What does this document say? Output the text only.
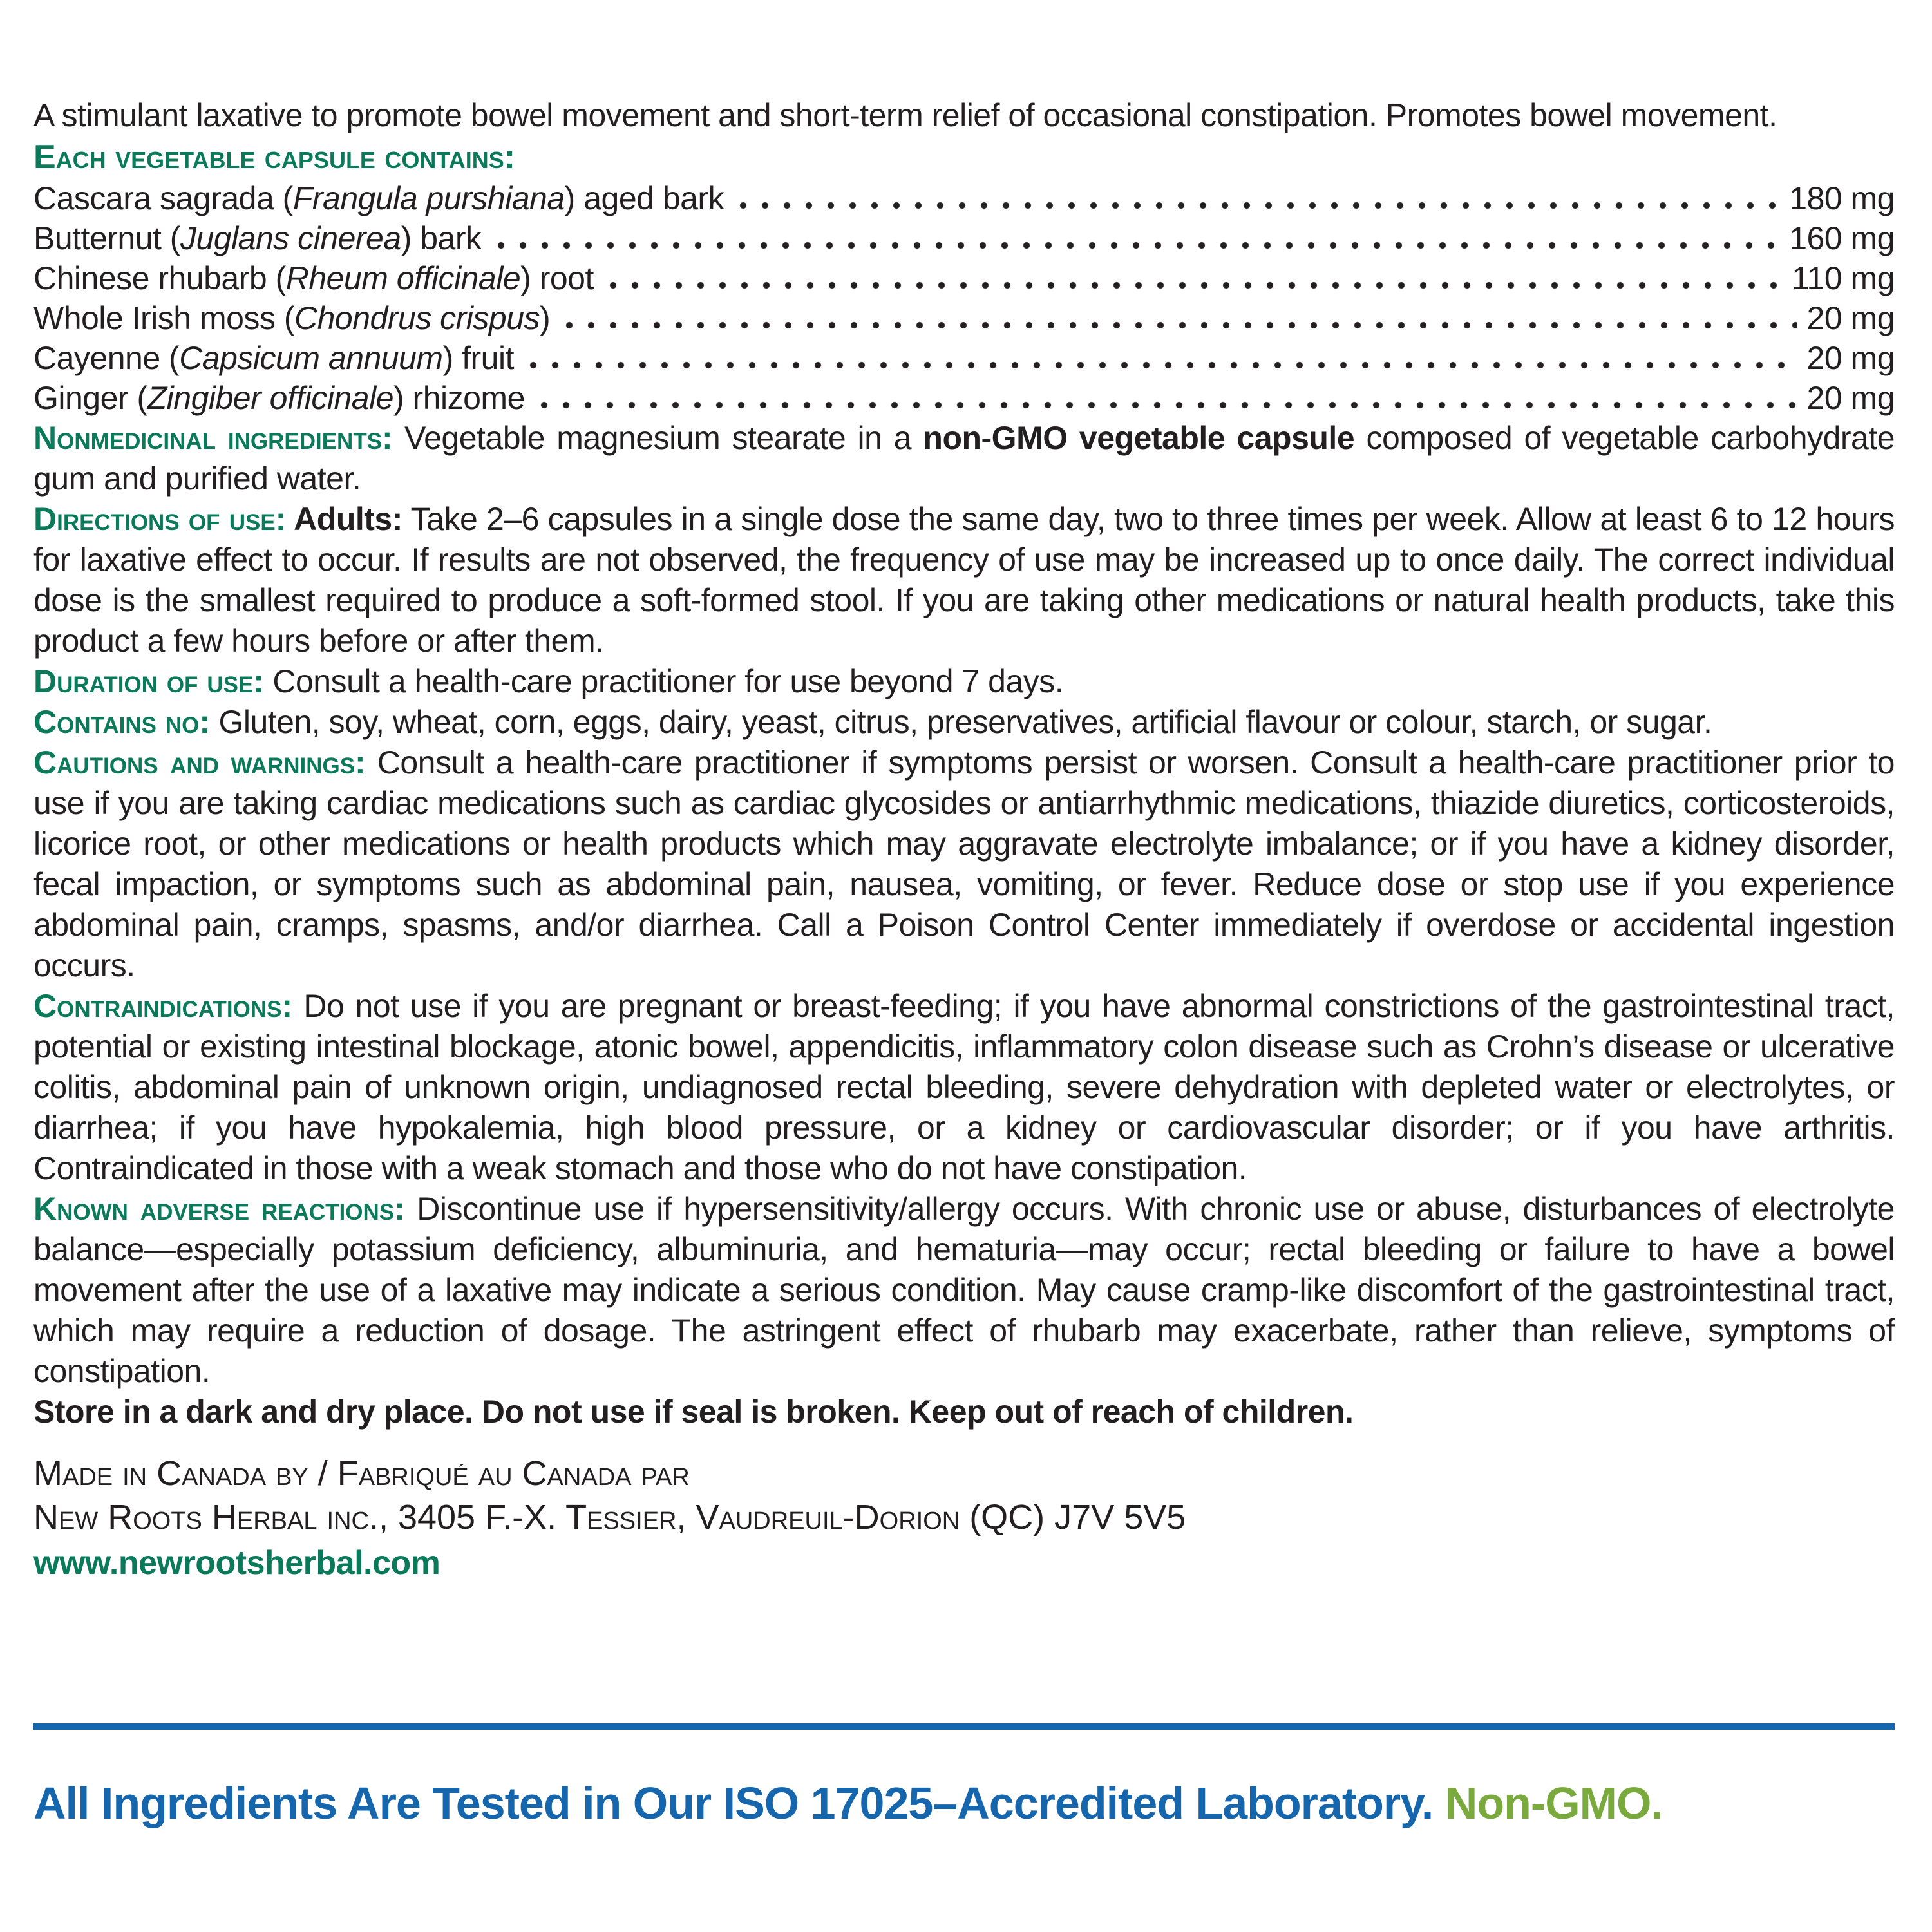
A stimulant laxative to promote bowel movement and short-term relief of occasional constipation. Promotes bowel movement.

Each vegetable capsule contains:

Cascara sagrada (Frangula purshiana) aged bark	180 mg
Butternut (Juglans cinerea) bark	160 mg
Chinese rhubarb (Rheum officinale) root	110 mg
Whole Irish moss (Chondrus crispus)	20 mg
Cayenne (Capsicum annuum) fruit	20 mg
Ginger (Zingiber officinale) rhizome	20 mg

Nonmedicinal ingredients: Vegetable magnesium stearate in a non-GMO vegetable capsule composed of vegetable carbohydrate gum and purified water.

Directions of use: Adults: Take 2–6 capsules in a single dose the same day, two to three times per week. Allow at least 6 to 12 hours for laxative effect to occur. If results are not observed, the frequency of use may be increased up to once daily. The correct individual dose is the smallest required to produce a soft-formed stool. If you are taking other medications or natural health products, take this product a few hours before or after them.

Duration of use: Consult a health-care practitioner for use beyond 7 days.

Contains no: Gluten, soy, wheat, corn, eggs, dairy, yeast, citrus, preservatives, artificial flavour or colour, starch, or sugar.

Cautions and warnings: Consult a health-care practitioner if symptoms persist or worsen. Consult a health-care practitioner prior to use if you are taking cardiac medications such as cardiac glycosides or antiarrhythmic medications, thiazide diuretics, corticosteroids, licorice root, or other medications or health products which may aggravate electrolyte imbalance; or if you have a kidney disorder, fecal impaction, or symptoms such as abdominal pain, nausea, vomiting, or fever. Reduce dose or stop use if you experience abdominal pain, cramps, spasms, and/or diarrhea. Call a Poison Control Center immediately if overdose or accidental ingestion occurs.

Contraindications: Do not use if you are pregnant or breast-feeding; if you have abnormal constrictions of the gastrointestinal tract, potential or existing intestinal blockage, atonic bowel, appendicitis, inflammatory colon disease such as Crohn’s disease or ulcerative colitis, abdominal pain of unknown origin, undiagnosed rectal bleeding, severe dehydration with depleted water or electrolytes, or diarrhea; if you have hypokalemia, high blood pressure, or a kidney or cardiovascular disorder; or if you have arthritis. Contraindicated in those with a weak stomach and those who do not have constipation.

Known adverse reactions: Discontinue use if hypersensitivity/allergy occurs. With chronic use or abuse, disturbances of electrolyte balance—especially potassium deficiency, albuminuria, and hematuria—may occur; rectal bleeding or failure to have a bowel movement after the use of a laxative may indicate a serious condition. May cause cramp-like discomfort of the gastrointestinal tract, which may require a reduction of dosage. The astringent effect of rhubarb may exacerbate, rather than relieve, symptoms of constipation.

Store in a dark and dry place. Do not use if seal is broken. Keep out of reach of children.

Made in Canada by / Fabriqué au Canada par

New Roots Herbal inc., 3405 F.-X. Tessier, Vaudreuil-Dorion (QC) J7V 5V5

www.newrootsherbal.com

All Ingredients Are Tested in Our ISO 17025–Accredited Laboratory. Non-GMO.
